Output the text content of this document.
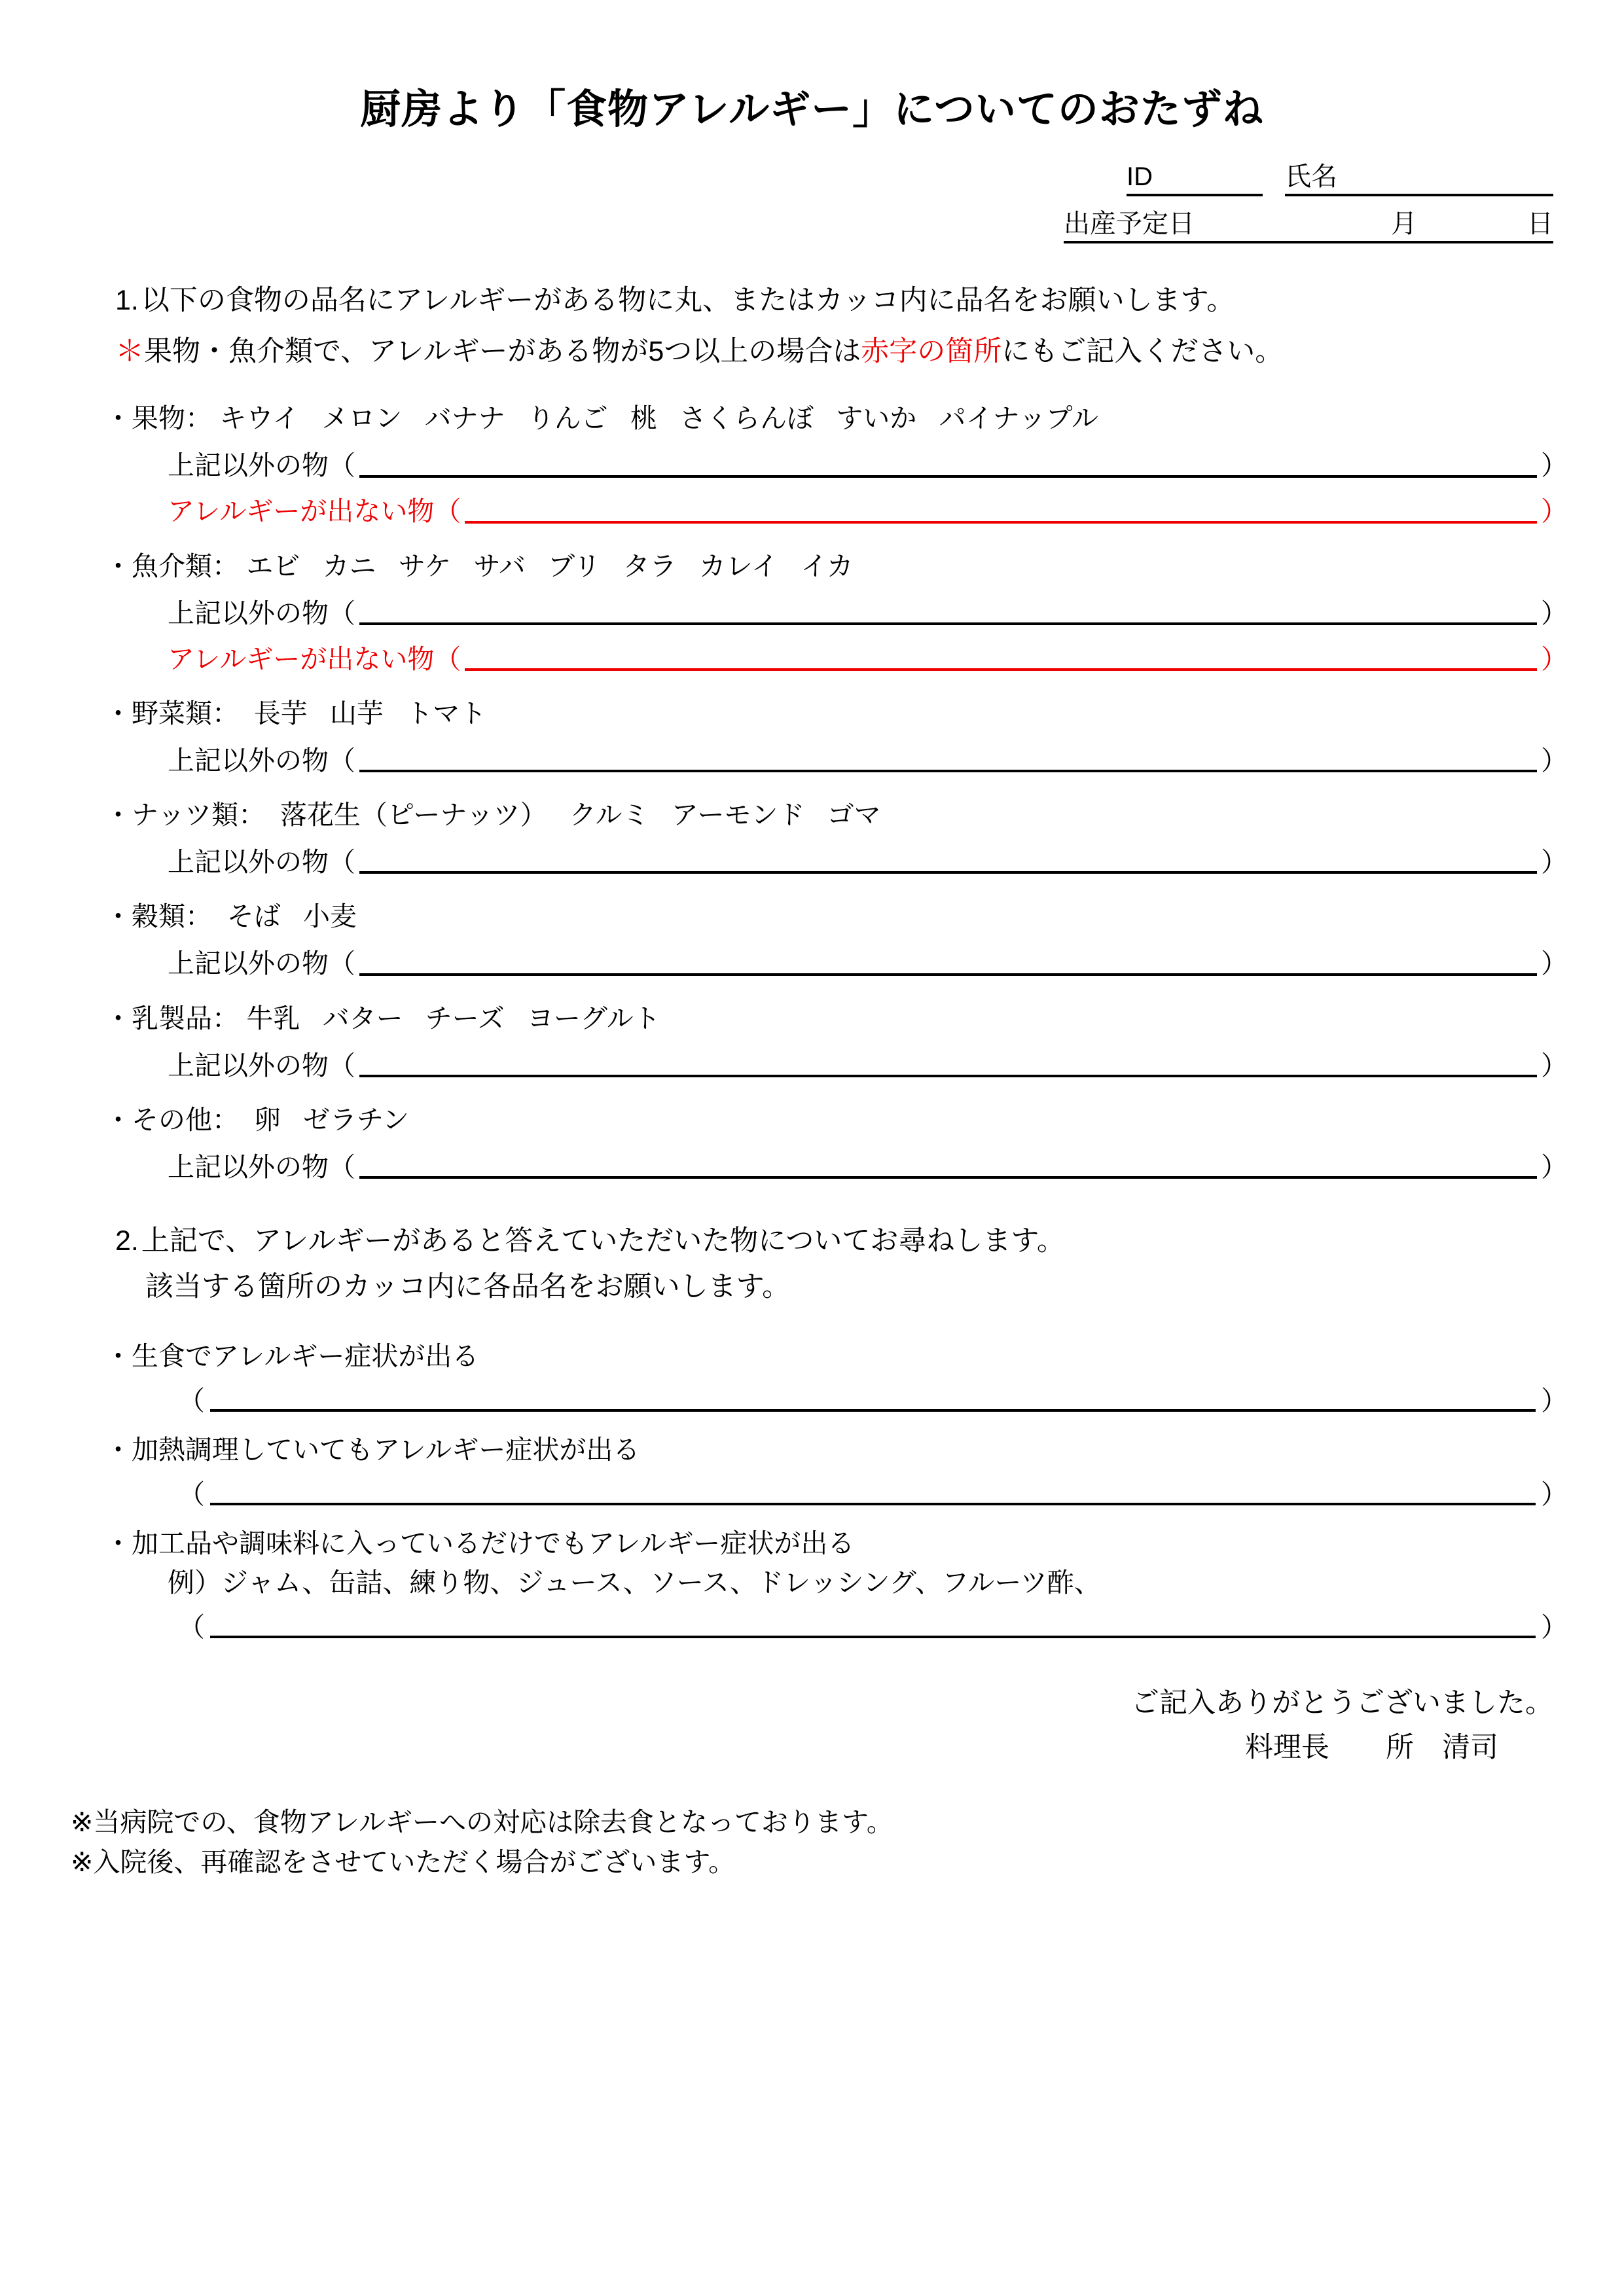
厨房より「食物アレルギー」についてのおたずね
ID	氏名
出産予定日	月	日
1.以下の食物の品名にアレルギーがある物に丸、またはカッコ内に品名をお願いします。
＊果物・魚介類で、アレルギーがある物が5つ以上の場合は赤字の箇所にもご記入ください。
・果物： キウイ メロン バナナ りんご 桃 さくらんぼ すいか パイナップル
上記以外の物（	）
アレルギーが出ない物（	）
・魚介類： エビ カニ サケ サバ ブリ タラ カレイ イカ
上記以外の物（	）
アレルギーが出ない物（	）
・野菜類： 長芋 山芋 トマト
上記以外の物（	）
・ナッツ類： 落花生（ピーナッツ） クルミ アーモンド ゴマ
上記以外の物（	）
・穀類： そば 小麦
上記以外の物（	）
・乳製品： 牛乳 バター チーズ ヨーグルト
上記以外の物（	）
・その他： 卵 ゼラチン
上記以外の物（	）
2.上記で、アレルギーがあると答えていただいた物についてお尋ねします。
該当する箇所のカッコ内に各品名をお願いします。
・生食でアレルギー症状が出る
（	）
・加熱調理していてもアレルギー症状が出る
（	）
・加工品や調味料に入っているだけでもアレルギー症状が出る
例）ジャム、缶詰、練り物、ジュース、ソース、ドレッシング、フルーツ酢、
（	）
ご記入ありがとうございました。
料理長　　所　清司
※当病院での、食物アレルギーへの対応は除去食となっております。
※入院後、再確認をさせていただく場合がございます。
